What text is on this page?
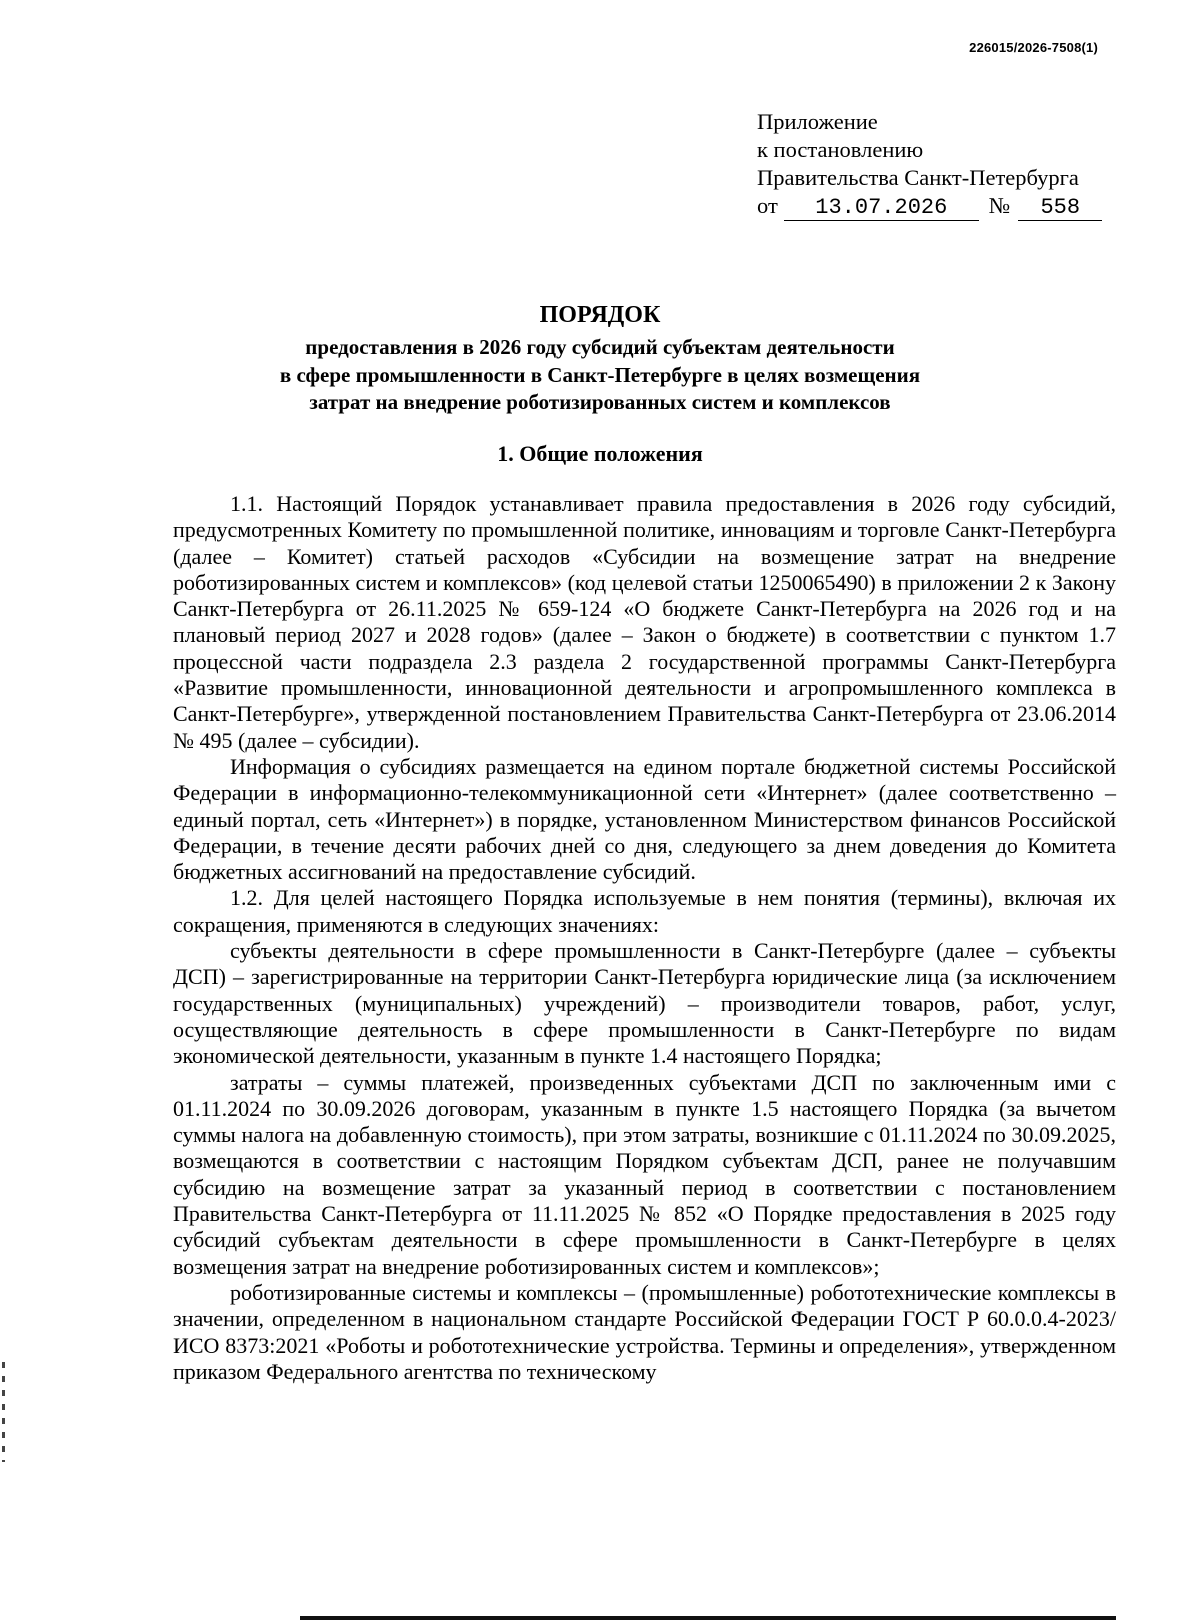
226015/2026-7508(1)
Приложение
к постановлению
Правительства Санкт-Петербурга
от 13.07.2026 № 558
ПОРЯДОК
предоставления в 2026 году субсидий субъектам деятельности
в сфере промышленности в Санкт-Петербурге в целях возмещения
затрат на внедрение роботизированных систем и комплексов
1. Общие положения

1.1. Настоящий Порядок устанавливает правила предоставления в 2026 году субсидий, предусмотренных Комитету по промышленной политике, инновациям и торговле Санкт-Петербурга (далее – Комитет) статьей расходов «Субсидии на возмещение затрат на внедрение роботизированных систем и комплексов» (код целевой статьи 1250065490) в приложении 2 к Закону Санкт-Петербурга от 26.11.2025 № 659-124 «О бюджете Санкт-Петербурга на 2026 год и на плановый период 2027 и 2028 годов» (далее – Закон о бюджете) в соответствии с пунктом 1.7 процессной части подраздела 2.3 раздела 2 государственной программы Санкт-Петербурга «Развитие промышленности, инновационной деятельности и агропромышленного комплекса в Санкт-Петербурге», утвержденной постановлением Правительства Санкт-Петербурга от 23.06.2014 № 495 (далее – субсидии).

Информация о субсидиях размещается на едином портале бюджетной системы Российской Федерации в информационно-телекоммуникационной сети «Интернет» (далее соответственно – единый портал, сеть «Интернет») в порядке, установленном Министерством финансов Российской Федерации, в течение десяти рабочих дней со дня, следующего за днем доведения до Комитета бюджетных ассигнований на предоставление субсидий.

1.2. Для целей настоящего Порядка используемые в нем понятия (термины), включая их сокращения, применяются в следующих значениях:

субъекты деятельности в сфере промышленности в Санкт-Петербурге (далее – субъекты ДСП) – зарегистрированные на территории Санкт-Петербурга юридические лица (за исключением государственных (муниципальных) учреждений) – производители товаров, работ, услуг, осуществляющие деятельность в сфере промышленности в Санкт-Петербурге по видам экономической деятельности, указанным в пункте 1.4 настоящего Порядка;

затраты – суммы платежей, произведенных субъектами ДСП по заключенным ими с 01.11.2024 по 30.09.2026 договорам, указанным в пункте 1.5 настоящего Порядка (за вычетом суммы налога на добавленную стоимость), при этом затраты, возникшие с 01.11.2024 по 30.09.2025, возмещаются в соответствии с настоящим Порядком субъектам ДСП, ранее не получавшим субсидию на возмещение затрат за указанный период в соответствии с постановлением Правительства Санкт-Петербурга от 11.11.2025 № 852 «О Порядке предоставления в 2025 году субсидий субъектам деятельности в сфере промышленности в Санкт-Петербурге в целях возмещения затрат на внедрение роботизированных систем и комплексов»;

роботизированные системы и комплексы – (промышленные) робототехнические комплексы в значении, определенном в национальном стандарте Российской Федерации ГОСТ Р 60.0.0.4-2023/ИСО 8373:2021 «Роботы и робототехнические устройства. Термины и определения», утвержденном приказом Федерального агентства по техническому
